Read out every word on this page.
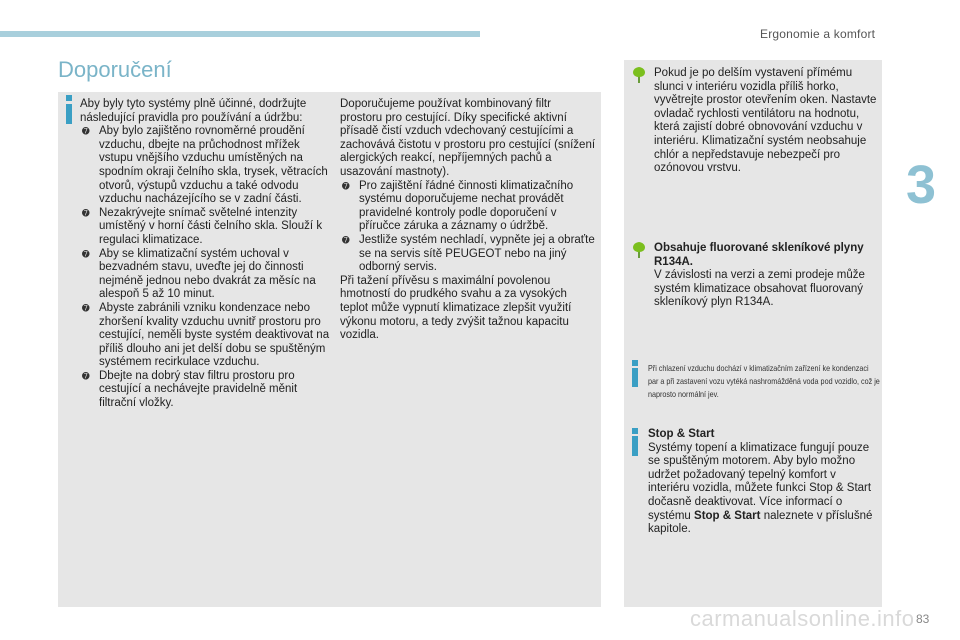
Ergonomie a komfort
3
Doporučení
Aby byly tyto systémy plně účinné, dodržujte následující pravidla pro používání a údržbu:
➐ Aby bylo zajištěno rovnoměrné proudění vzduchu, dbejte na průchodnost mřížek vstupu vnějšího vzduchu umístěných na spodním okraji čelního skla, trysek, větracích otvorů, výstupů vzduchu a také odvodu vzduchu nacházejícího se v zadní části.
➐ Nezakrývejte snímač světelné intenzity umístěný v horní části čelního skla. Slouží k regulaci klimatizace.
➐ Aby se klimatizační systém uchoval v bezvadném stavu, uveďte jej do činnosti nejméně jednou nebo dvakrát za měsíc na alespoň 5 až 10 minut.
➐ Abyste zabránili vzniku kondenzace nebo zhoršení kvality vzduchu uvnitř prostoru pro cestující, neměli byste systém deaktivovat na příliš dlouho ani jet delší dobu se spuštěným systémem recirkulace vzduchu.
➐ Dbejte na dobrý stav filtru prostoru pro cestující a nechávejte pravidelně měnit filtrační vložky.
Doporučujeme používat kombinovaný filtr prostoru pro cestující. Díky specifické aktivní přísadě čistí vzduch vdechovaný cestujícími a zachovává čistotu v prostoru pro cestující (snížení alergických reakcí, nepříjemných pachů a usazování mastnoty).
➐ Pro zajištění řádné činnosti klimatizačního systému doporučujeme nechat provádět pravidelné kontroly podle doporučení v příručce záruka a záznamy o údržbě.
➐ Jestliže systém nechladí, vypněte jej a obraťte se na servis sítě PEUGEOT nebo na jiný odborný servis.
Při tažení přívěsu s maximální povolenou hmotností do prudkého svahu a za vysokých teplot může vypnutí klimatizace zlepšit využití výkonu motoru, a tedy zvýšit tažnou kapacitu vozidla.
Pokud je po delším vystavení přímému slunci v interiéru vozidla příliš horko, vyvětrejte prostor otevřením oken. Nastavte ovladač rychlosti ventilátoru na hodnotu, která zajistí dobré obnovování vzduchu v interiéru. Klimatizační systém neobsahuje chlór a nepředstavuje nebezpečí pro ozónovou vrstvu.
Obsahuje fluorované skleníkové plyny R134A.
V závislosti na verzi a zemi prodeje může systém klimatizace obsahovat fluorovaný skleníkový plyn R134A.
Při chlazení vzduchu dochází v klimatizačním zařízení ke kondenzaci par a při zastavení vozu vytéká nashromážděná voda pod vozidlo, což je naprosto normální jev.
Stop & Start
Systémy topení a klimatizace fungují pouze se spuštěným motorem. Aby bylo možno udržet požadovaný tepelný komfort v interiéru vozidla, můžete funkci Stop & Start dočasně deaktivovat. Více informací o systému Stop & Start naleznete v příslušné kapitole.
carmanualsonline.info 83
